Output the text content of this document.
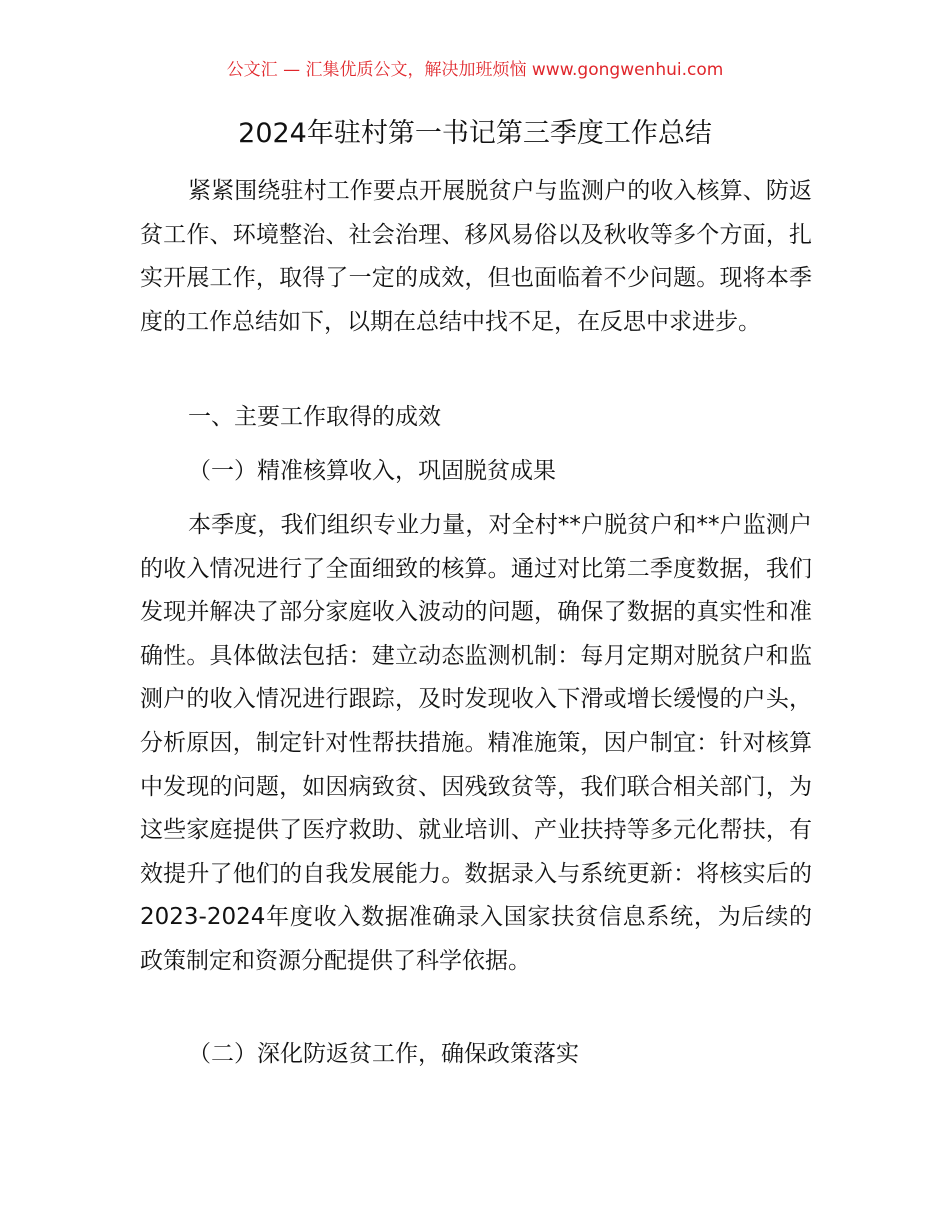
公文汇 — 汇集优质公文，解决加班烦恼 www.gongwenhui.com
2024年驻村第一书记第三季度工作总结

紧紧围绕驻村工作要点开展脱贫户与监测户的收入核算、防返贫工作、环境整治、社会治理、移风易俗以及秋收等多个方面，扎实开展工作，取得了一定的成效，但也面临着不少问题。现将本季度的工作总结如下，以期在总结中找不足，在反思中求进步。

一、主要工作取得的成效

（一）精准核算收入，巩固脱贫成果

本季度，我们组织专业力量，对全村**户脱贫户和**户监测户的收入情况进行了全面细致的核算。通过对比第二季度数据，我们发现并解决了部分家庭收入波动的问题，确保了数据的真实性和准确性。具体做法包括：建立动态监测机制：每月定期对脱贫户和监测户的收入情况进行跟踪，及时发现收入下滑或增长缓慢的户头，分析原因，制定针对性帮扶措施。精准施策，因户制宜：针对核算中发现的问题，如因病致贫、因残致贫等，我们联合相关部门，为这些家庭提供了医疗救助、就业培训、产业扶持等多元化帮扶，有效提升了他们的自我发展能力。数据录入与系统更新：将核实后的2023-2024年度收入数据准确录入国家扶贫信息系统，为后续的政策制定和资源分配提供了科学依据。

（二）深化防返贫工作，确保政策落实
